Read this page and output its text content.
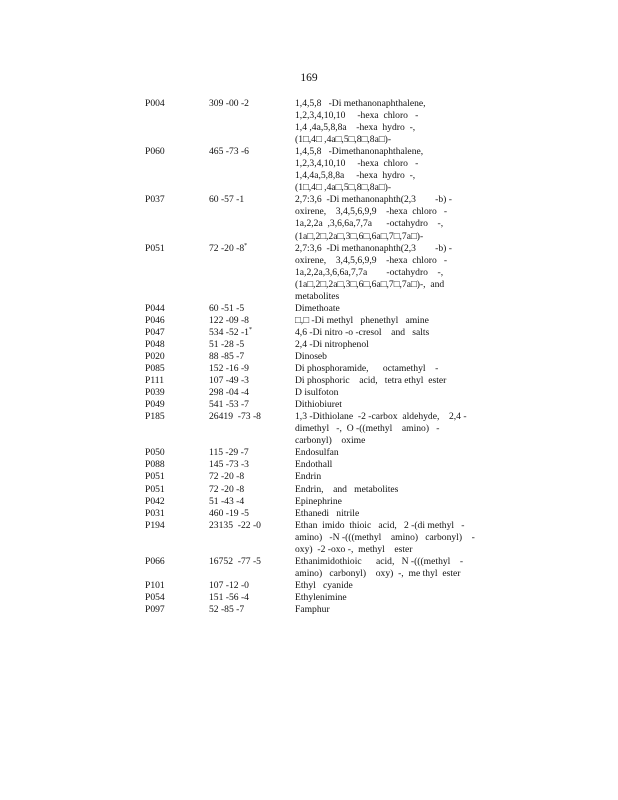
169
P004	309 -00 -2	1,4,5,8   -Di methanonaphthalene,
1,2,3,4,10,10     -hexa  chloro   -
1,4 ,4a,5,8,8a    -hexa  hydro  -,
(1□,4□ ,4a□,5□,8□,8a□)-
P060	465 -73 -6	1,4,5,8   -Dimethanonaphthalene,
1,2,3,4,10,10     -hexa  chloro   -
1,4,4a,5,8,8a     -hexa  hydro  -,
(1□,4□ ,4a□,5□,8□,8a□)-
P037	60 -57 -1	2,7:3,6  -Di methanonaphth(2,3        -b) -
oxirene,    3,4,5,6,9,9    -hexa  chloro   -
1a,2,2a  ,3,6,6a,7,7a      -octahydro    -,
(1a□,2□,2a□,3□,6□,6a□,7□,7a□)-
P051	72 -20 -8*	2,7:3,6  -Di methanonaphth(2,3        -b) -
oxirene,    3,4,5,6,9,9    -hexa  chloro   -
1a,2,2a,3,6,6a,7,7a        -octahydro    -,
(1a□,2□,2a□,3□,6□,6a□,7□,7a□)-,  and
metabolites
P044	60 -51 -5	Dimethoate
P046	122 -09 -8	□,□ -Di methyl   phenethyl   amine
P047	534 -52 -1*	4,6 -Di nitro -o -cresol    and   salts
P048	51 -28 -5	2,4 -Di nitrophenol
P020	88 -85 -7	Dinoseb
P085	152 -16 -9	Di phosphoramide,      octamethyl    -
P111	107 -49 -3	Di phosphoric    acid,   tetra ethyl  ester
P039	298 -04 -4	D isulfoton
P049	541 -53 -7	Dithiobiuret
P185	26419  -73 -8	1,3 -Dithiolane  -2 -carbox  aldehyde,    2,4 -
dimethyl   -,  O -((methyl    amino)   -
carbonyl)    oxime
P050	115 -29 -7	Endosulfan
P088	145 -73 -3	Endothall
P051	72 -20 -8	Endrin
P051	72 -20 -8	Endrin,    and   metabolites
P042	51 -43 -4	Epinephrine
P031	460 -19 -5	Ethanedi   nitrile
P194	23135  -22 -0	Ethan  imido  thioic   acid,   2 -(di methyl   -
amino)   -N -(((methyl    amino)   carbonyl)    -
oxy)  -2 -oxo -,  methyl    ester
P066	16752  -77 -5	Ethanimidothioic      acid,   N -(((methyl    -
amino)   carbonyl)    oxy)  -,  me thyl  ester
P101	107 -12 -0	Ethyl   cyanide
P054	151 -56 -4	Ethylenimine
P097	52 -85 -7	Famphur
